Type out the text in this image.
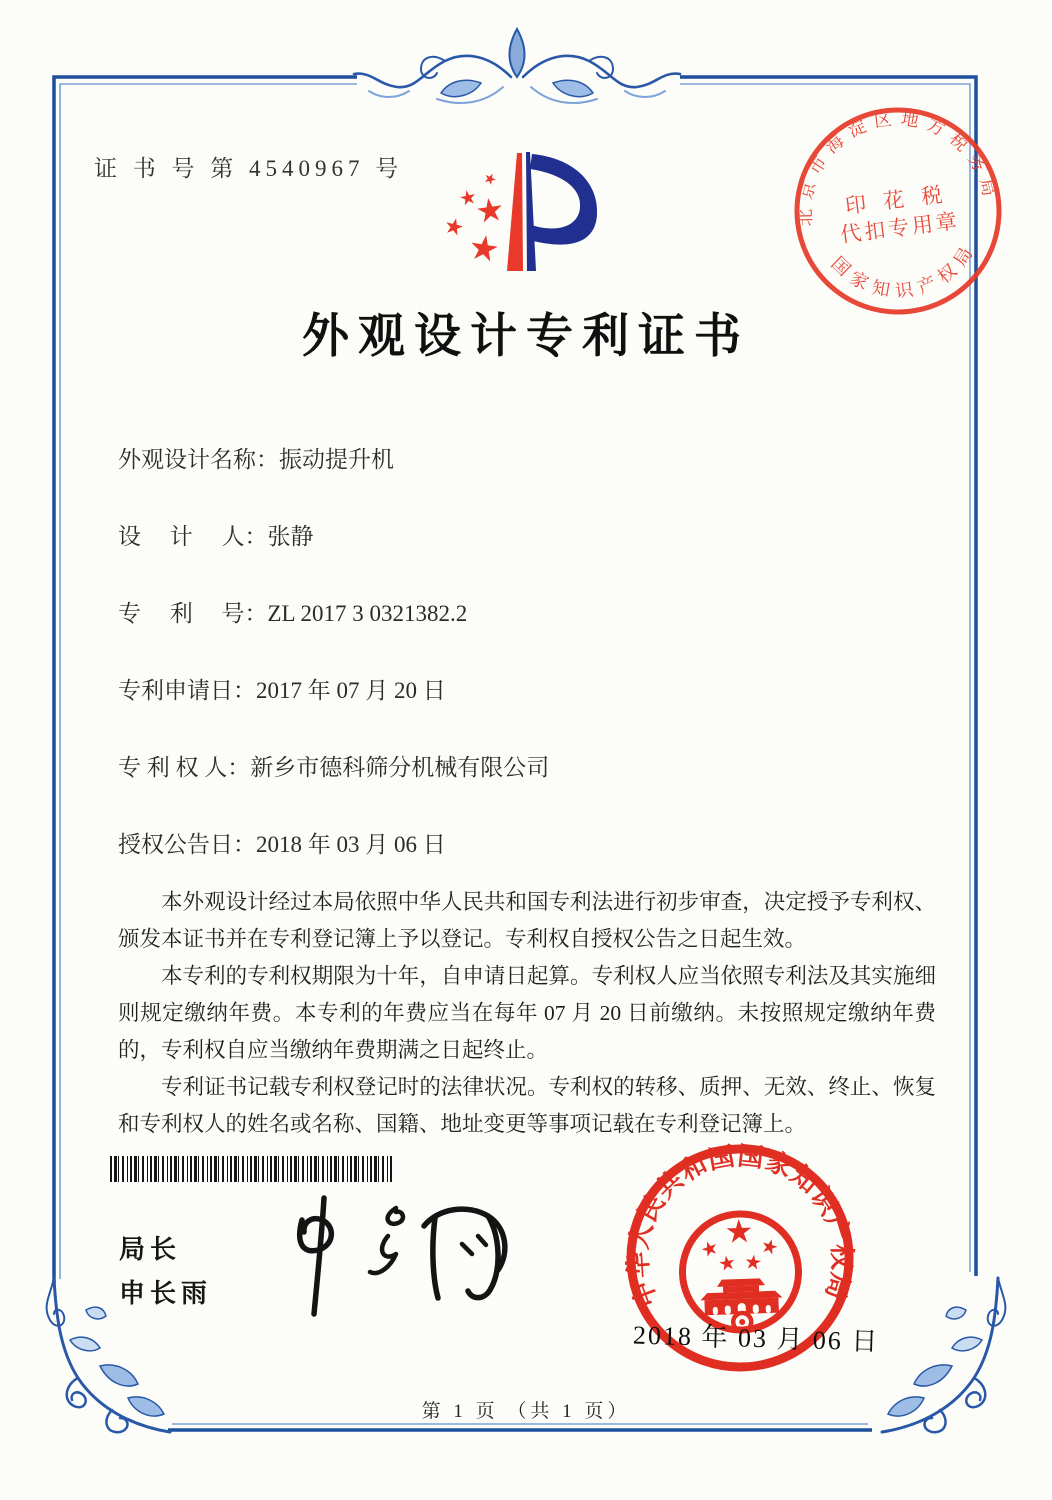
证 书 号 第 4540967 号
北京市海淀区地方税务局
印 花 税
代扣专用章
国家知识产权局
外观设计专利证书
外观设计名称：振动提升机
设　 计　 人：张静
专　 利　 号：ZL 2017 3 0321382.2
专利申请日：2017 年 07 月 20 日
专 利 权 人：新乡市德科筛分机械有限公司
授权公告日：2018 年 03 月 06 日

本外观设计经过本局依照中华人民共和国专利法进行初步审查，决定授予专利权、颁发本证书并在专利登记簿上予以登记。专利权自授权公告之日起生效。

本专利的专利权期限为十年，自申请日起算。专利权人应当依照专利法及其实施细则规定缴纳年费。本专利的年费应当在每年 07 月 20 日前缴纳。未按照规定缴纳年费的，专利权自应当缴纳年费期满之日起终止。

专利证书记载专利权登记时的法律状况。专利权的转移、质押、无效、终止、恢复和专利权人的姓名或名称、国籍、地址变更等事项记载在专利登记簿上。

局长
申长雨	中华人民共和国国家知识产权局
2018 年 03 月 06 日
第 1 页 （共 1 页）
